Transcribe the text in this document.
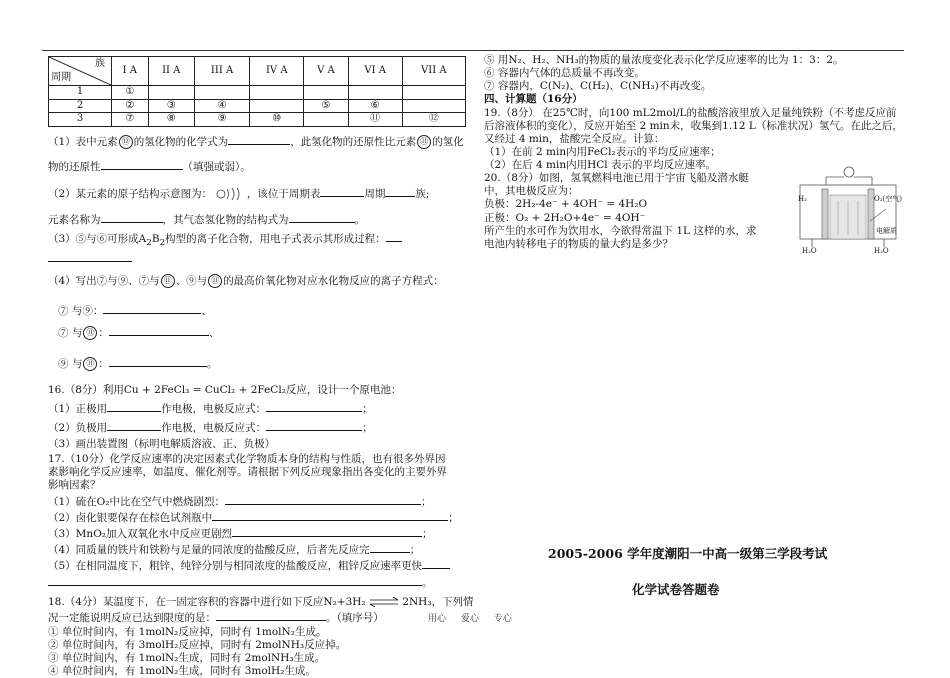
族
周期	I A	II A	III A	IV A	V A	VI A	VII A
1	①						
2	②	③	④		⑤	⑥	
3	⑦	⑧	⑨	⑩		⑪	⑫
（1）表中元素 ⑫ 的氢化物的化学式为	，此氢化物的还原性比元素 ⑪ 的氢化
物的还原性	（填强或弱）。
（2）某元素的原子结构示意图为：	，该位于周期表	周期	族;
元素名称为	，其气态氢化物的结构式为	。
（3）⑤与⑥可形成$A_2B_2$构型的离子化合物，用电子式表示其形成过程：
（4）写出⑦与⑨、⑦与 ⑪ 、⑨与 ⑪ 的最高价氧化物对应水化物反应的离子方程式：
⑦ 与⑨：	、
⑦ 与 ⑪ ：	、
⑨ 与 ⑪ ：	。
16.（8分）利用Cu + 2FeCl₃ = CuCl₂ + 2FeCl₂反应，设计一个原电池：
（1）正极用	作电极，电极反应式：	；
（2）负极用	作电极，电极反应式：	；
（3）画出装置图（标明电解质溶液、正、负极）
17.（10分）化学反应速率的决定因素式化学物质本身的结构与性质，也有很多外界因
素影响化学反应速率，如温度、催化剂等。请根据下列反应现象指出各变化的主要外界
影响因素？
（1）硫在O₂中比在空气中燃烧剧烈：	；
（2）卤化银要保存在棕色试剂瓶中	；
（3）MnO₂加入双氧化水中反应更剧烈	；
（4）同质量的铁片和铁粉与足量的同浓度的盐酸反应，后者先反应完	；
（5）在相同温度下，粗锌、纯锌分别与相同浓度的盐酸反应，粗锌反应速率更快
。
18.（4分）某温度下，在一固定容积的容器中进行如下反应N₂+3H₂ ⇌ 2NH₃，下列情
况一定能说明反应已达到限度的是：	。（填序号）
① 单位时间内，有 1molN₂反应掉，同时有 1molN₂生成。
② 单位时间内，有 3molH₂反应掉，同时有 2molNH₃反应掉。
③ 单位时间内，有 1molN₂生成，同时有 2molNH₃生成。
④ 单位时间内，有 1molN₂生成，同时有 3molH₂生成。
⑤ 用N₂、H₂、NH₃的物质的量浓度变化表示化学反应速率的比为 1：3：2。
⑥ 容器内气体的总质量不再改变。
⑦ 容器内，C(N₂)、C(H₂)、C(NH₃)不再改变。
四、计算题（16分）
19.（8分） 在25℃时，向100 mL2mol/L的盐酸溶液里放入足量纯铁粉（不考虑反应前
后溶液体积的变化），反应开始至 2 min末，收集到1.12 L（标准状况）氢气。在此之后，
又经过 4 min，盐酸完全反应。计算：
（1）在前 2 min内用FeCl₂表示的平均反应速率；
（2）在后 4 min内用HCl 表示的平均反应速率。
20.（8分）如图，氢氧燃料电池已用于宇宙飞船及潜水艇
中，其电极反应为：
负极：2H₂-4e⁻ + 4OH⁻ = 4H₂O
正极：O₂ + 2H₂O+4e⁻ = 4OH⁻
所产生的水可作为饮用水，今欲得常温下 1L 这样的水，求
电池内转移电子的物质的量大约是多少？
H₂	O₂(空气)
电解质
H₂O	H₂O
2005-2006 学年度潮阳一中高一级第三学段考试
化学试卷答题卷
用心 爱心 专心
